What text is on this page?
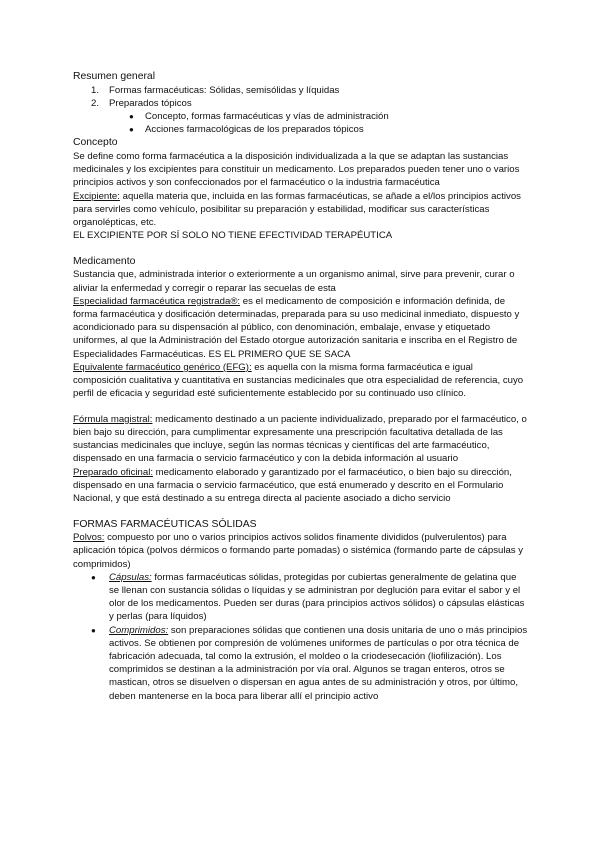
Resumen general

1. Formas farmacéuticas: Sólidas, semisólidas y líquidas
2. Preparados tópicos
● Concepto, formas farmacéuticas y vías de administración
● Acciones farmacológicas de los preparados tópicos

Concepto

Se define como forma farmacéutica a la disposición individualizada a la que se adaptan las sustancias medicinales y los excipientes para constituir un medicamento. Los preparados pueden tener uno o varios principios activos y son confeccionados por el farmacéutico o la industria farmacéutica

Excipiente: aquella materia que, incluida en las formas farmacéuticas, se añade a el/los principios activos para servirles como vehículo, posibilitar su preparación y estabilidad, modificar sus características organolépticas, etc.

EL EXCIPIENTE POR SÍ SOLO NO TIENE EFECTIVIDAD TERAPÉUTICA

Medicamento

Sustancia que, administrada interior o exteriormente a un organismo animal, sirve para prevenir, curar o aliviar la enfermedad y corregir o reparar las secuelas de esta

Especialidad farmacéutica registrada®: es el medicamento de composición e información definida, de forma farmacéutica y dosificación determinadas, preparada para su uso medicinal inmediato, dispuesto y acondicionado para su dispensación al público, con denominación, embalaje, envase y etiquetado uniformes, al que la Administración del Estado otorgue autorización sanitaria e inscriba en el Registro de Especialidades Farmacéuticas. ES EL PRIMERO QUE SE SACA

Equivalente farmacéutico genérico (EFG): es aquella con la misma forma farmacéutica e igual composición cualitativa y cuantitativa en sustancias medicinales que otra especialidad de referencia, cuyo perfil de eficacia y seguridad esté suficientemente establecido por su continuado uso clínico.

Fórmula magistral: medicamento destinado a un paciente individualizado, preparado por el farmacéutico, o bien bajo su dirección, para cumplimentar expresamente una prescripción facultativa detallada de las sustancias medicinales que incluye, según las normas técnicas y científicas del arte farmacéutico, dispensado en una farmacia o servicio farmacéutico y con la debida información al usuario

Preparado oficinal: medicamento elaborado y garantizado por el farmacéutico, o bien bajo su dirección, dispensado en una farmacia o servicio farmacéutico, que está enumerado y descrito en el Formulario Nacional, y que está destinado a su entrega directa al paciente asociado a dicho servicio

FORMAS FARMACÉUTICAS SÓLIDAS

Polvos: compuesto por uno o varios principios activos solidos finamente divididos (pulverulentos) para aplicación tópica (polvos dérmicos o formando parte pomadas) o sistémica (formando parte de cápsulas y comprimidos)

● Cápsulas: formas farmacéuticas sólidas, protegidas por cubiertas generalmente de gelatina que se llenan con sustancia sólidas o líquidas y se administran por deglución para evitar el sabor y el olor de los medicamentos. Pueden ser duras (para principios activos sólidos) o cápsulas elásticas y perlas (para líquidos)
● Comprimidos: son preparaciones sólidas que contienen una dosis unitaria de uno o más principios activos. Se obtienen por compresión de volúmenes uniformes de partículas o por otra técnica de fabricación adecuada, tal como la extrusión, el moldeo o la criodesecación (liofilización). Los comprimidos se destinan a la administración por vía oral. Algunos se tragan enteros, otros se mastican, otros se disuelven o dispersan en agua antes de su administración y otros, por último, deben mantenerse en la boca para liberar allí el principio activo
